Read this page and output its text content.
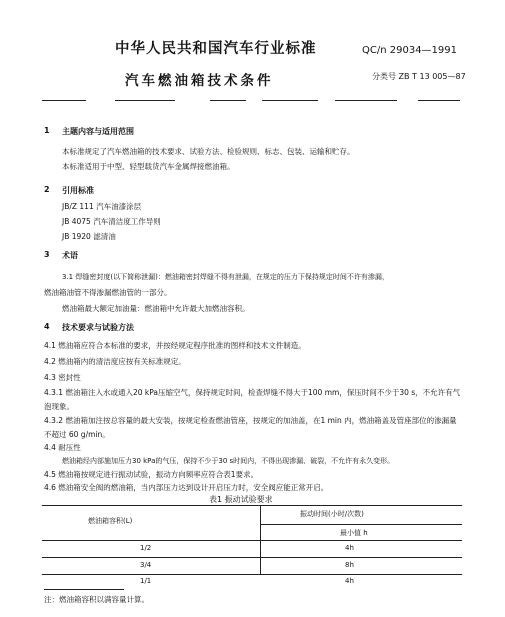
中华人民共和国汽车行业标准	QC/n 29034—1991
汽车燃油箱技术条件	分类号 ZB T 13 005—87
1 主题内容与适用范围
本标准规定了汽车燃油箱的技术要求、试验方法、检验规则、标志、包装、运输和贮存。
本标准适用于中型、轻型载货汽车金属焊接燃油箱。
2 引用标准
JB/Z 111 汽车油漆涂层
JB 4075 汽车清洁度工作导则
JB 1920 滤清油
3 术语
3.1 焊缝密封度(以下简称泄漏)：燃油箱密封焊缝不得有泄漏，在规定的压力下保持规定时间不许有渗漏，
燃油箱油管不得渗漏燃油管的一部分。
燃油箱最大额定加油量：燃油箱中允许最大加燃油容积。
4 技术要求与试验方法
4.1 燃油箱应符合本标准的要求，并按经规定程序批准的图样和技术文件制造。
4.2 燃油箱内的清洁度应按有关标准规定。
4.3 密封性
4.3.1 燃油箱注入水或通入20 kPa压缩空气，保持规定时间，检查焊缝不得大于100 mm，保压时间不少于30 s，不允许有气泡现象。
4.3.2 燃油箱加注按总容量的最大安装，按规定检查燃油管座，按规定的加油盖，在1 min 内，燃油箱盖及管座部位的渗漏量不超过 60 g/min。
4.4 耐压性
燃油箱经内部施加压力30 kPa的气压，保持不少于30 s时间内，不得出现渗漏、破裂，不允许有永久变形。
4.5 燃油箱按规定进行振动试验，振动方向频率应符合表1要求。
4.6 燃油箱安全阀的燃油箱，当内部压力达到设计开启压力时，安全阀应能正常开启。
表1 振动试验要求
燃油箱容积(L)
振动时间(小时/次数)
最小值 h
1/2	4h
3/4	8h
1/1	4h
注：燃油箱容积以满容量计算。
